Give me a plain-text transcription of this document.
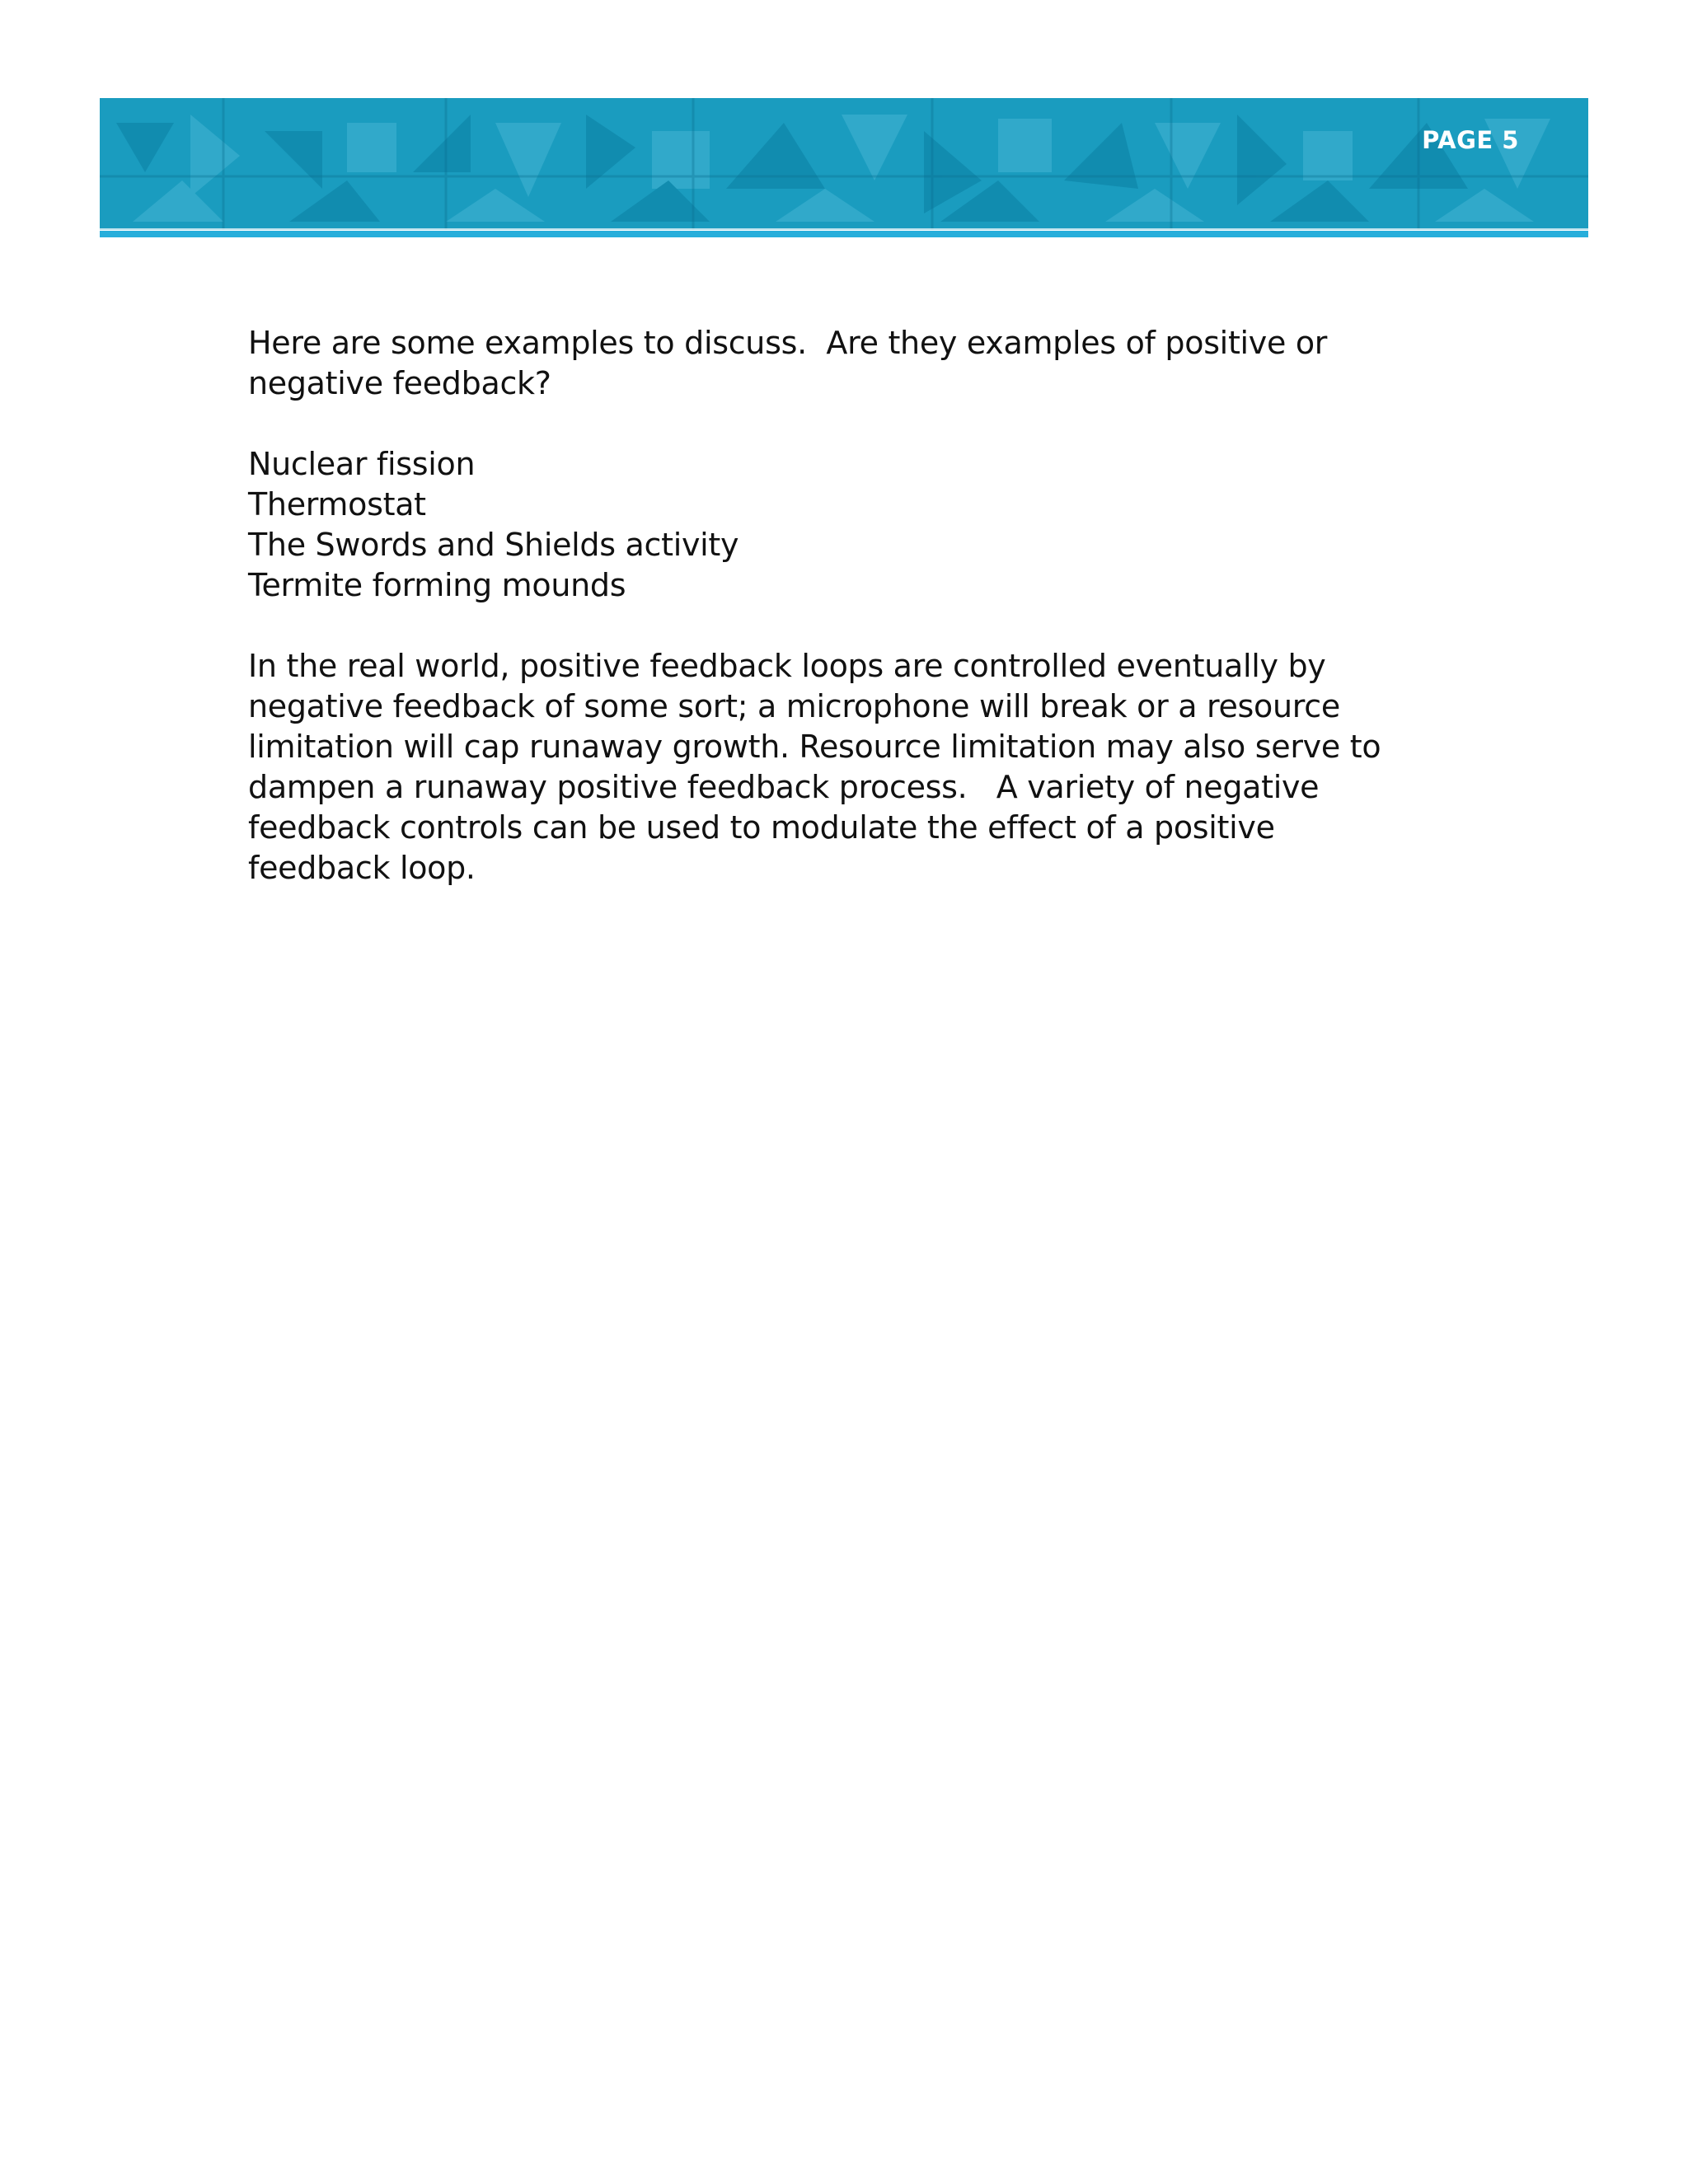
PAGE 5

Here are some examples to discuss.  Are they examples of positive or

negative feedback?

Nuclear fission
Thermostat
The Swords and Shields activity
Termite forming mounds

In the real world, positive feedback loops are controlled eventually by

negative feedback of some sort; a microphone will break or a resource

limitation will cap runaway growth. Resource limitation may also serve to

dampen a runaway positive feedback process.   A variety of negative

feedback controls can be used to modulate the effect of a positive

feedback loop.
